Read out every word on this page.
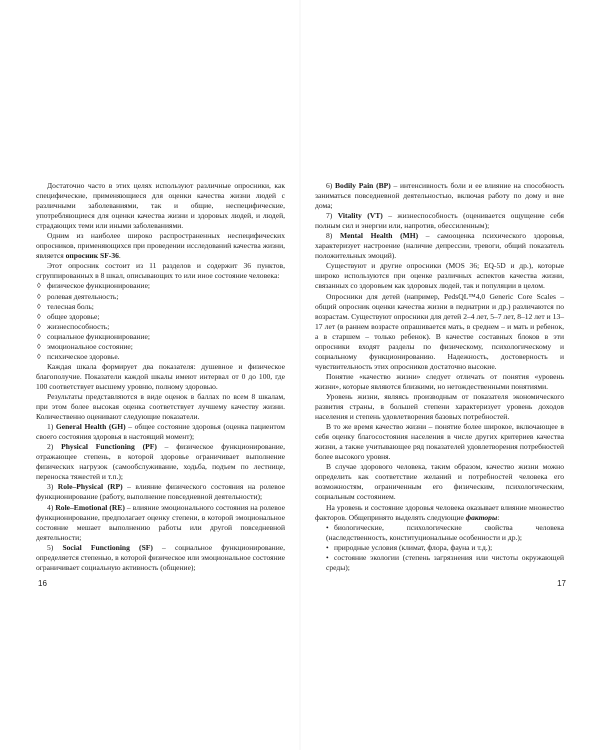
Достаточно часто в этих целях используют различные опросники, как специфические, применяющиеся для оценки качества жизни людей с различными заболеваниями, так и общие, неспецифические, употребляющиеся для оценки качества жизни и здоровых людей, и людей, страдающих теми или иными заболеваниями.

Одним из наиболее широко распространенных неспецифических опросников, применяющихся при проведении исследований качества жизни, является опросник SF-36.

Этот опросник состоит из 11 разделов и содержит 36 пунктов, сгруппированных в 8 шкал, описывающих то или иное состояние человека:

◊ физическое функционирование;

◊ ролевая деятельность;

◊ телесная боль;

◊ общее здоровье;

◊ жизнеспособность;

◊ социальное функционирование;

◊ эмоциональное состояние;

◊ психическое здоровье.

Каждая шкала формирует два показателя: душевное и физическое благополучие. Показатели каждой шкалы имеют интервал от 0 до 100, где 100 соответствует высшему уровню, полному здоровью.

Результаты представляются в виде оценок в баллах по всем 8 шкалам, при этом более высокая оценка соответствует лучшему качеству жизни. Количественно оценивают следующие показатели.

1) General Health (GH) – общее состояние здоровья (оценка пациентом своего состояния здоровья в настоящий момент);

2) Physical Functioning (PF) – физическое функционирование, отражающее степень, в которой здоровье ограничивает выполнение физических нагрузок (самообслуживание, ходьба, подъем по лестнице, переноска тяжестей и т.п.);

3) Role–Physical (RP) – влияние физического состояния на ролевое функционирование (работу, выполнение повседневной деятельности);

4) Role–Emotional (RE) – влияние эмоционального состояния на ролевое функционирование, предполагает оценку степени, в которой эмоциональное состояние мешает выполнению работы или другой повседневной деятельности;

5) Social Functioning (SF) – социальное функционирование, определяется степенью, в которой физическое или эмоциональное состояние ограничивает социальную активность (общение);

16

6) Bodily Pain (BP) – интенсивность боли и ее влияние на способность заниматься повседневной деятельностью, включая работу по дому и вне дома;

7) Vitality (VT) – жизнеспособность (оценивается ощущение себя полным сил и энергии или, напротив, обессиленным);

8) Mental Health (MH) – самооценка психического здоровья, характеризует настроение (наличие депрессии, тревоги, общий показатель положительных эмоций).

Существуют и другие опросники (MOS 36; EQ-5D и др.), которые широко используются при оценке различных аспектов качества жизни, связанных со здоровьем как здоровых людей, так и популяции в целом.

Опросники для детей (например, PedsQL™4,0 Generic Core Scales – общий опросник оценки качества жизни в педиатрии и др.) различаются по возрастам. Существуют опросники для детей 2–4 лет, 5–7 лет, 8–12 лет и 13–17 лет (в раннем возрасте опрашивается мать, в среднем – и мать и ребенок, а в старшем – только ребенок). В качестве составных блоков в эти опросники входят разделы по физическому, психологическому и социальному функционированию. Надежность, достоверность и чувствительность этих опросников достаточно высокие.

Понятие «качество жизни» следует отличать от понятия «уровень жизни», которые являются близкими, но нетождественными понятиями.

Уровень жизни, являясь производным от показателя экономического развития страны, в большей степени характеризует уровень доходов населения и степень удовлетворения базовых потребностей.

В то же время качество жизни – понятие более широкое, включающее в себя оценку благосостояния населения в числе других критериев качества жизни, а также учитывающее ряд показателей удовлетворения потребностей более высокого уровня.

В случае здорового человека, таким образом, качество жизни можно определить как соответствие желаний и потребностей человека его возможностям, ограниченным его физическим, психологическим, социальным состоянием.

На уровень и состояние здоровья человека оказывает влияние множество факторов. Общепринято выделять следующие факторы:

• биологические, психологические свойства человека (наследственность, конституциональные особенности и др.);

• природные условия (климат, флора, фауна и т.д.);

• состояние экологии (степень загрязнения или чистоты окружающей среды);

17
